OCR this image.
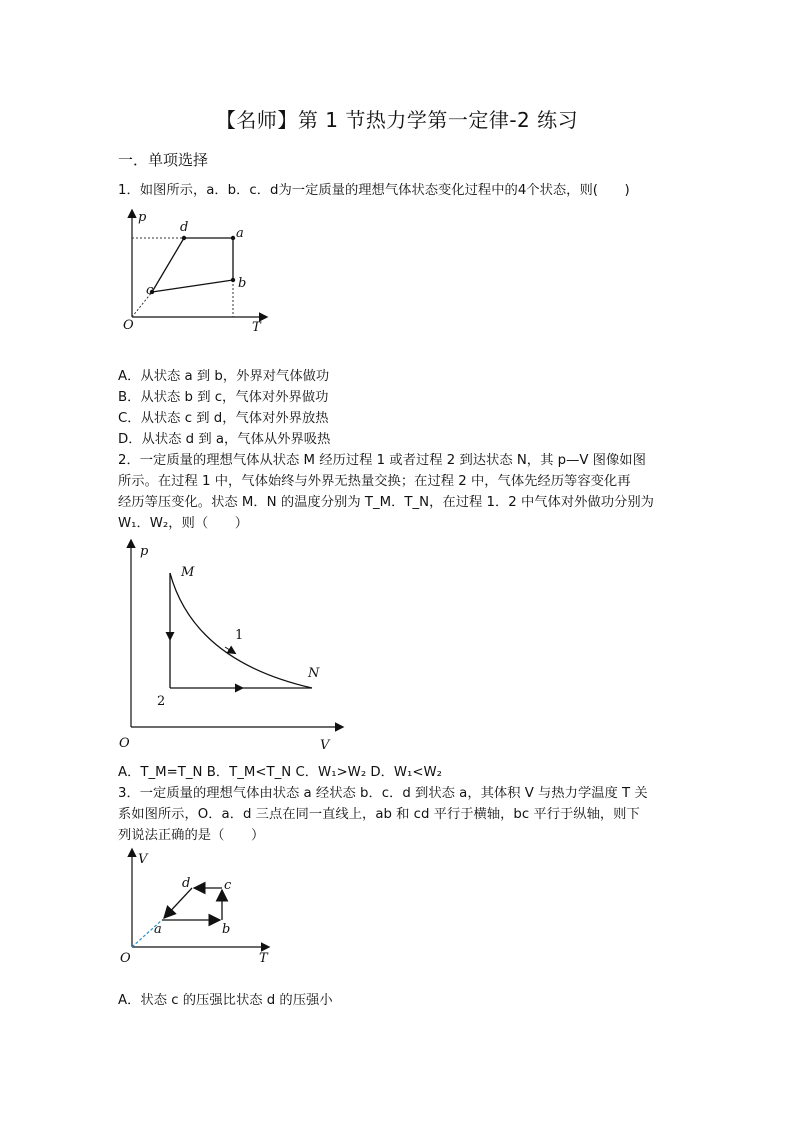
【名师】第 1 节热力学第一定律-2 练习
一．单项选择
1．如图所示，a．b．c．d为一定质量的理想气体状态变化过程中的4个状态，则(　　)
p
T
O
d	a
b
c
A．从状态 a 到 b，外界对气体做功
B．从状态 b 到 c，气体对外界做功
C．从状态 c 到 d，气体对外界放热
D．从状态 d 到 a，气体从外界吸热
2．一定质量的理想气体从状态 M 经历过程 1 或者过程 2 到达状态 N，其 p—V 图像如图
所示。在过程 1 中，气体始终与外界无热量交换；在过程 2 中，气体先经历等容变化再
经历等压变化。状态 M．N 的温度分别为 T_M．T_N，在过程 1．2 中气体对外做功分别为
W₁．W₂，则（　　）
p
V
O
M
N
1
2
A．T_M=T_N B．T_M<T_N C．W₁>W₂ D．W₁<W₂
3．一定质量的理想气体由状态 a 经状态 b．c．d 到状态 a，其体积 V 与热力学温度 T 关
系如图所示，O．a．d 三点在同一直线上，ab 和 cd 平行于横轴，bc 平行于纵轴，则下
列说法正确的是（　　）
V
T
O
a	b
c
d
A．状态 c 的压强比状态 d 的压强小
